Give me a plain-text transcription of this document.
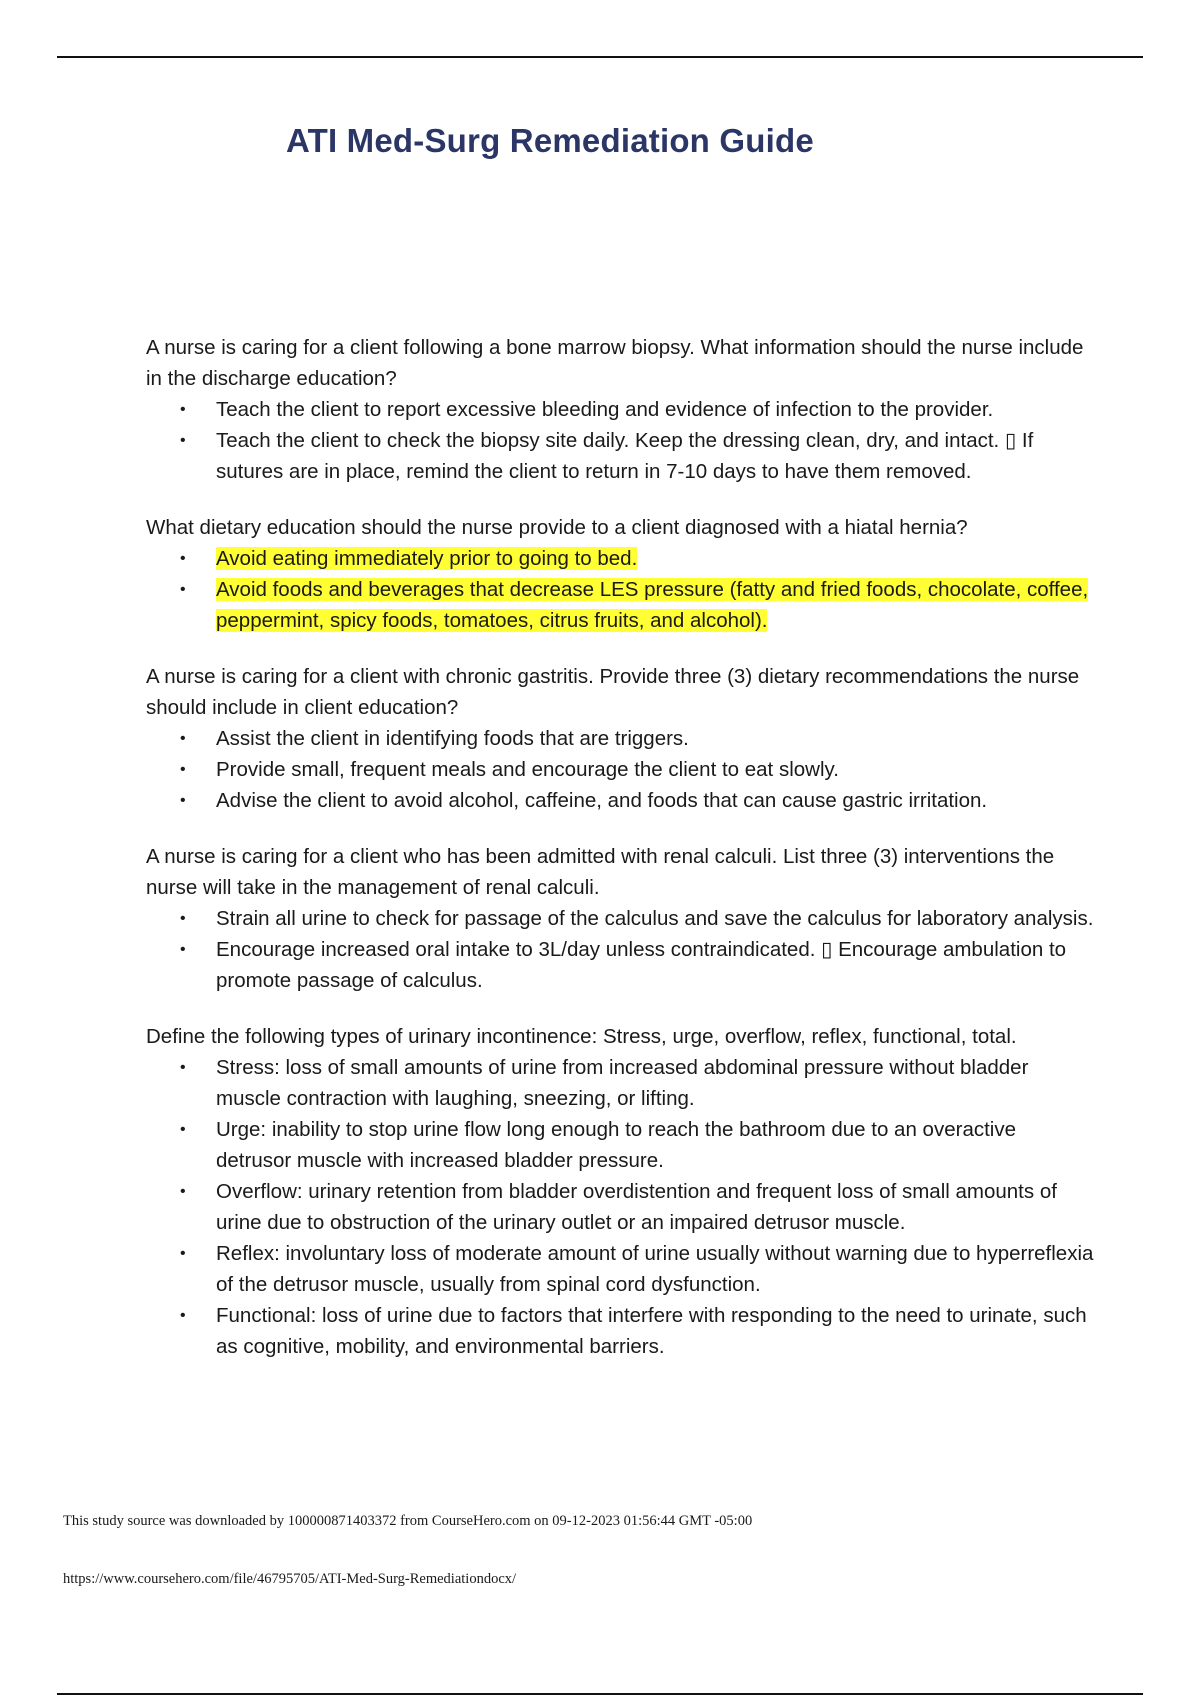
ATI Med-Surg Remediation Guide

A nurse is caring for a client following a bone marrow biopsy. What information should the nurse include in the discharge education?

• Teach the client to report excessive bleeding and evidence of infection to the provider.
• Teach the client to check the biopsy site daily. Keep the dressing clean, dry, and intact. ▯ If sutures are in place, remind the client to return in 7-10 days to have them removed.

What dietary education should the nurse provide to a client diagnosed with a hiatal hernia?

• Avoid eating immediately prior to going to bed.
• Avoid foods and beverages that decrease LES pressure (fatty and fried foods, chocolate, coffee, peppermint, spicy foods, tomatoes, citrus fruits, and alcohol).

A nurse is caring for a client with chronic gastritis. Provide three (3) dietary recommendations the nurse should include in client education?

• Assist the client in identifying foods that are triggers.
• Provide small, frequent meals and encourage the client to eat slowly.
• Advise the client to avoid alcohol, caffeine, and foods that can cause gastric irritation.

A nurse is caring for a client who has been admitted with renal calculi. List three (3) interventions the nurse will take in the management of renal calculi.

• Strain all urine to check for passage of the calculus and save the calculus for laboratory analysis.
• Encourage increased oral intake to 3L/day unless contraindicated. ▯ Encourage ambulation to promote passage of calculus.

Define the following types of urinary incontinence: Stress, urge, overflow, reflex, functional, total.

• Stress: loss of small amounts of urine from increased abdominal pressure without bladder muscle contraction with laughing, sneezing, or lifting.
• Urge: inability to stop urine flow long enough to reach the bathroom due to an overactive detrusor muscle with increased bladder pressure.
• Overflow: urinary retention from bladder overdistention and frequent loss of small amounts of urine due to obstruction of the urinary outlet or an impaired detrusor muscle.
• Reflex: involuntary loss of moderate amount of urine usually without warning due to hyperreflexia of the detrusor muscle, usually from spinal cord dysfunction.
• Functional: loss of urine due to factors that interfere with responding to the need to urinate, such as cognitive, mobility, and environmental barriers.
This study source was downloaded by 100000871403372 from CourseHero.com on 09-12-2023 01:56:44 GMT -05:00
https://www.coursehero.com/file/46795705/ATI-Med-Surg-Remediationdocx/
